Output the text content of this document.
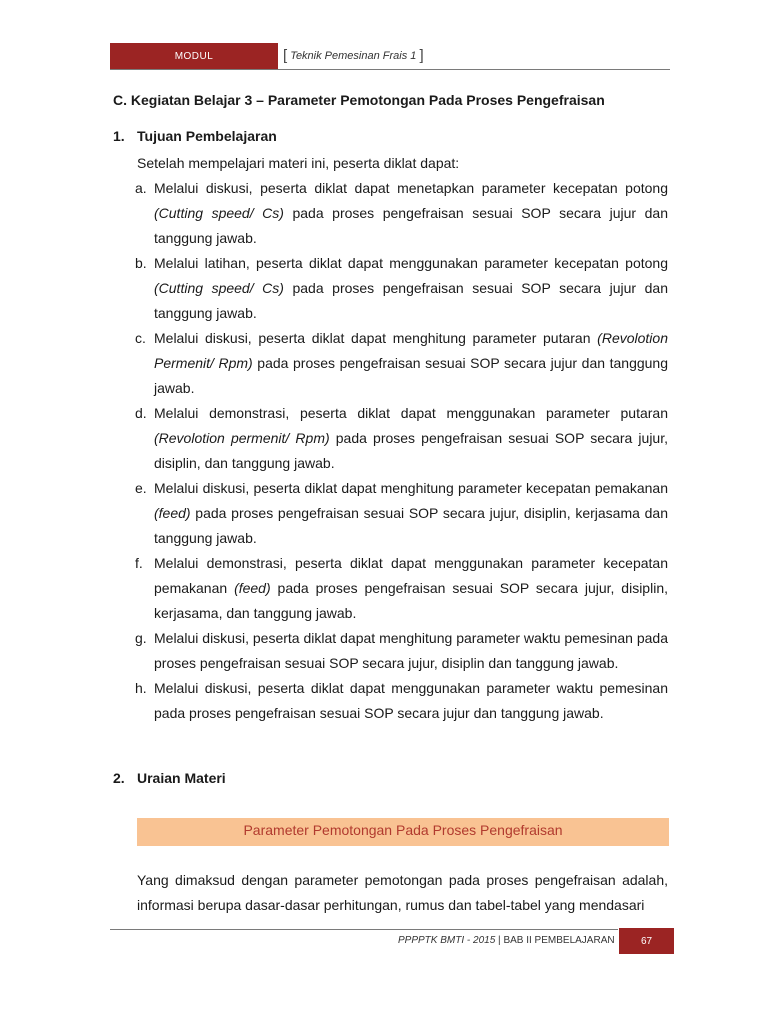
MODUL	[ Teknik Pemesinan Frais 1 ]
C. Kegiatan Belajar 3 – Parameter Pemotongan Pada Proses Pengefraisan
1. Tujuan Pembelajaran
Setelah mempelajari materi ini, peserta diklat dapat:
a. Melalui diskusi, peserta diklat dapat menetapkan parameter kecepatan potong (Cutting speed/ Cs) pada proses pengefraisan sesuai SOP secara jujur dan tanggung jawab.
b. Melalui latihan, peserta diklat dapat menggunakan parameter kecepatan potong (Cutting speed/ Cs) pada proses pengefraisan sesuai SOP secara jujur dan tanggung jawab.
c. Melalui diskusi, peserta diklat dapat menghitung parameter putaran (Revolotion Permenit/ Rpm) pada proses pengefraisan sesuai SOP secara jujur dan tanggung jawab.
d. Melalui demonstrasi, peserta diklat dapat menggunakan parameter putaran (Revolotion permenit/ Rpm) pada proses pengefraisan sesuai SOP secara jujur, disiplin, dan tanggung jawab.
e. Melalui diskusi, peserta diklat dapat menghitung parameter kecepatan pemakanan (feed) pada proses pengefraisan sesuai SOP secara jujur, disiplin, kerjasama dan tanggung jawab.
f. Melalui demonstrasi, peserta diklat dapat menggunakan parameter kecepatan pemakanan (feed) pada proses pengefraisan sesuai SOP secara jujur, disiplin, kerjasama, dan tanggung jawab.
g. Melalui diskusi, peserta diklat dapat menghitung parameter waktu pemesinan pada proses pengefraisan sesuai SOP secara jujur, disiplin dan tanggung jawab.
h. Melalui diskusi, peserta diklat dapat menggunakan parameter waktu pemesinan pada proses pengefraisan sesuai SOP secara jujur dan tanggung jawab.
2. Uraian Materi
Parameter Pemotongan Pada Proses Pengefraisan
Yang dimaksud dengan parameter pemotongan pada proses pengefraisan adalah, informasi berupa dasar-dasar perhitungan, rumus dan tabel-tabel yang mendasari
PPPPTK BMTI - 2015 | BAB II PEMBELAJARAN	67
